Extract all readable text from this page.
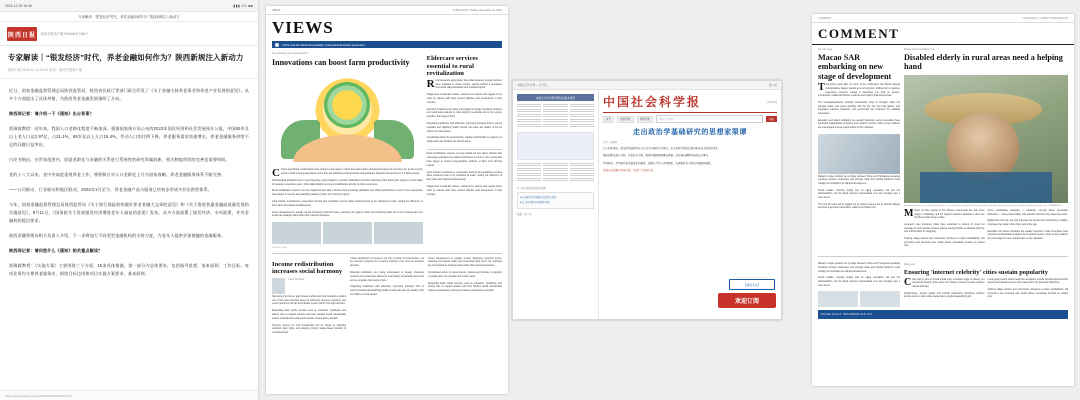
2024-12-05 15:46	▮▮▮ 4G ■■
专家解读：“银发经济”时代，养老金融如何作为？陕西新规注入新动力
陕西日报	陕西日报客户端 SHAANXI DAILY
专家解读｜“银发经济”时代，养老金融如何作为？陕西新规注入新动力
陕西日报 2024-12-14 12:21 来源：陕西日报客户端

近日，国家金融监督管理总局陕西监管局、陕西省民政厅等部门联合印发了《关于金融支持养老事业和养老产业发展的意见》，从多个方面提出了具体举措，为陕西养老金融发展指明了方向。

陕西网记者：请介绍一下《通知》出台背景？

贾瑞霖教授：近年来，我国人口老龄化程度不断加深。根据国家统计局公布的2023年国民经济和社会发展统计公报，中国60岁及以上老人口达2.97亿，占21.1%，65岁及以上人口15.4%。劳动人口的比例下降，养老服务需求快速增长，养老金融服务供给不足的问题日益突出。

白皮书指出，在世界范围内，原就老龄化与金融的关系进行系统性的研究尚属较新，相关制度供给的完善也需要时间。

党的十八大以来，党中央高度重视养老工作，将积极应对人口老龄化上升为国家战略，养老金融服务体系不断完善。

——公司联动、行业联动和地区联动，2024年1月至今，养老金融产品与服务已经初步形成多层次供给体系。

今年，国家金融监督管理总局陕西监管局《关于银行保险机构做好养老金融大文章的意见》和《关于推进普惠金融高质量发展的实施意见》，9月11日，《国务院关于发展银发经济增进老年人福祉的意见》发布，从多方面部署了银发经济、专项政策，并对金融机构提出要求。

陕西金融管理局相关负责人介绍，下一步将加大不同类型金融机构的支持力度，为老年人提供更加便捷的金融服务。

陕西网记者：请问您什么《通知》相关重点解读？

贾瑞霖教授：《实施方案》主要围绕三个方面，15条具体措施，第一部分为总体要求，包括指导思想、基本原则、工作目标。每项业务均支撑养老服务业，围绕目标边用和项目实施方案要求，基本原则。

https://www.shaanxi.com/2024/1214/020130.shtml
VIEWS	CHINA DAILY | Friday, December 13, 2024
VIEWS
China and the World Roundtable | International Award presented
Guo Shuqing and Yang Danhui
Innovations can boost farm productivity

China's agricultural modernization has entered a new stage in which innovation-driven development plays the decisive role, as the country seeks to build a strong agricultural sector that can withstand external shocks and guarantee national food security for 1.4 billion people.

Technological advancements in seed breeding, smart irrigation, precision fertilization and farm machinery have lifted grain output to record highs for several consecutive years, while digital platforms connect smallholders directly to urban consumers.

Rural revitalization requires not only capital but also talent. Policies that encourage graduates and skilled technicians to return to the countryside have begun to reverse long-standing outflows of labor from farming regions.

Land transfer mechanisms, cooperative farming and socialized services allow scattered plots to be cultivated at scale, raising the efficiency of land, labor and capital simultaneously.

Green development is equally central. Reducing chemical inputs, restoring soil organic matter and protecting black soil in the northeast are now treated as strategic tasks rather than optional measures.

Photos by staff
Eldercare services essential to rural revitalization

Rural areas are aging faster than cities because younger workers have migrated to urban centers, leaving behind a population that needs daily assistance and medical support.

Village-level mutual-aid centers, canteens for seniors and regular home visits by trained staff have proved effective and inexpensive in pilot counties.

Financial institutions are being encouraged to design insurance products and small loans tailored to rural elderly households and to the service providers that support them.

Integrating healthcare with eldercare, improving transport links to county hospitals and digitizing health records can raise the quality of life for millions of rural seniors.

Coordinated action by governments, markets and families is required; no single actor can shoulder the burden alone.

Rural revitalization requires not only capital but also talent. Policies that encourage graduates and skilled technicians to return to the countryside have begun to reverse long-standing outflows of labor from farming regions.

Land transfer mechanisms, cooperative farming and socialized services allow scattered plots to be cultivated at scale, raising the efficiency of land, labor and capital simultaneously.

Village-level mutual-aid centers, canteens for seniors and regular home visits by trained staff have proved effective and inexpensive in pilot counties.

Income redistribution increases social harmony
Chen Wenling

Narrowing the income gap between urban and rural residents remains one of the most important tasks for achieving common prosperity, and recent reforms to the tax and transfer system point in the right direction.

Expanding basic public services such as education, healthcare and elderly care to migrant workers and their families would substantially reduce precautionary saving and release consumption potential.

Property income for rural households can be raised by clarifying collective land rights and allowing orderly market-based transfer of contracted land.

A fairer distribution of income is not only a matter of social justice; it is an economic necessity for a country seeking to rely more on domestic demand.

Financial institutions are being encouraged to design insurance products and small loans tailored to rural elderly households and to the service providers that support them.

Integrating healthcare with eldercare, improving transport links to county hospitals and digitizing health records can raise the quality of life for millions of rural seniors.

Green development is equally central. Reducing chemical inputs, restoring soil organic matter and protecting black soil in the northeast are now treated as strategic tasks rather than optional measures.

Coordinated action by governments, markets and families is required; no single actor can shoulder the burden alone.

Expanding basic public services such as education, healthcare and elderly care to migrant workers and their families would substantially reduce precautionary saving and release consumption potential.

中国社会科学网 — 电子报	第 1 版
重进社会科学研究理论的基本原则
社会科学研究的基础性问题
▸ 走出政治学基础研究的思想家渠谭
▸ 社会科学研究的基础性问题
版面：第 1 版
中国社会科学报	第2601期
首页	版面导航	标题导航	请输入关键词	搜索
走出政治学基础研究的思想家渠谭
作者：刘建军

从十四年提出，政治学基础研究应当立足于中国历史与现实，在与世界对话的过程中形成自主的知识体系。

理论创新来源于实践，也检验于实践。脱离中国国情的概念移植，往往难以解释复杂的社会事实。

学科体系、学术体系和话语体系的建设，需要几代学人持续累积，也需要对重大现实问题保持敏锐。

阅读全文需要订阅电子版，欢迎广大读者订阅。
【阅读全文】
欢迎订阅
COMMENT	CHINA DAILY | HONG KONG EDITION
COMMENT
Ho Lok-sang
Macao SAR embarking on new stage of development

Twenty-five years after its return to the motherland, the Macao Special Administrative Region stands at a turning point, shifting from a gaming-dependent economy toward a diversified one built on tourism, conventions, traditional Chinese medicine and modern financial services.

The Guangdong-Macao In-Depth Cooperation Zone in Hengqin offers the physical space and policy flexibility that the tiny city has long lacked, with integrated customs clearance and preferential tax treatment for qualified enterprises.

Education and talent cultivation are equally important. Local universities have expanded postgraduate programs and research centers, while young residents are encouraged to seek opportunities on the mainland.

Macao's unique position as a bridge between China and Portuguese-speaking countries remains underused, and stronger trade and cultural platforms could multiply its contribution to national development.

Social welfare, housing supply and an aging population will test the administration, but the fiscal reserves accumulated over two decades give it room to act.

The next 25 years will be judged not by casino revenue but by whether Macao becomes a genuinely diversified, resilient and livable city.

Zhang Lihua and Wang Yun
Disabled elderly in rural areas need a helping hand
An elderly villager rests outside her home in a mountainous county. Rural seniors with disabilities often rely entirely on family members for daily care. CHINA DAILY

Millions of older people in the Chinese countryside live with some degree of disability, and the support networks available to them are far thinner than those in cities.

Long-term care insurance pilots have expanded to dozens of cities but coverage in rural counties remains patchy, leaving families to shoulder both the cost and the labor of caregiving.

Training village doctors and community volunteers in basic rehabilitation, fall prevention and dementia care would deliver immediate benefits at modest cost.

Home modification subsidies — handrails, non-slip floors, accessible bathrooms — have proved highly cost-effective wherever they have been tried.

Digital tools can help, but only if devices are simple and connectivity is reliable; otherwise they widen rather than narrow the gap.

Education and talent cultivation are equally important. Local universities have expanded postgraduate programs and research centers, while young residents are encouraged to seek opportunities on the mainland.

Macao's unique position as a bridge between China and Portuguese-speaking countries remains underused, and stronger trade and cultural platforms could multiply its contribution to national development.

Social welfare, housing supply and an aging population will test the administration, but the fiscal reserves accumulated over two decades give it room to act.

Wang Jun
Ensuring 'internet celebrity' cities sustain popularity

Cities that go viral on social media enjoy a sudden surge of visitors, but converting fleeting online fame into lasting economic benefit requires careful planning.

Infrastructure, service quality and cultural authenticity determine whether tourists return or warn others away after a single disappointing trip.

Local governments should resist the temptation to build identical photo-friendly streets and instead invest in what makes their city genuinely distinctive.

Training village doctors and community volunteers in basic rehabilitation, fall prevention and dementia care would deliver immediate benefits at modest cost.

CHINA DAILY INFORMATION CO
